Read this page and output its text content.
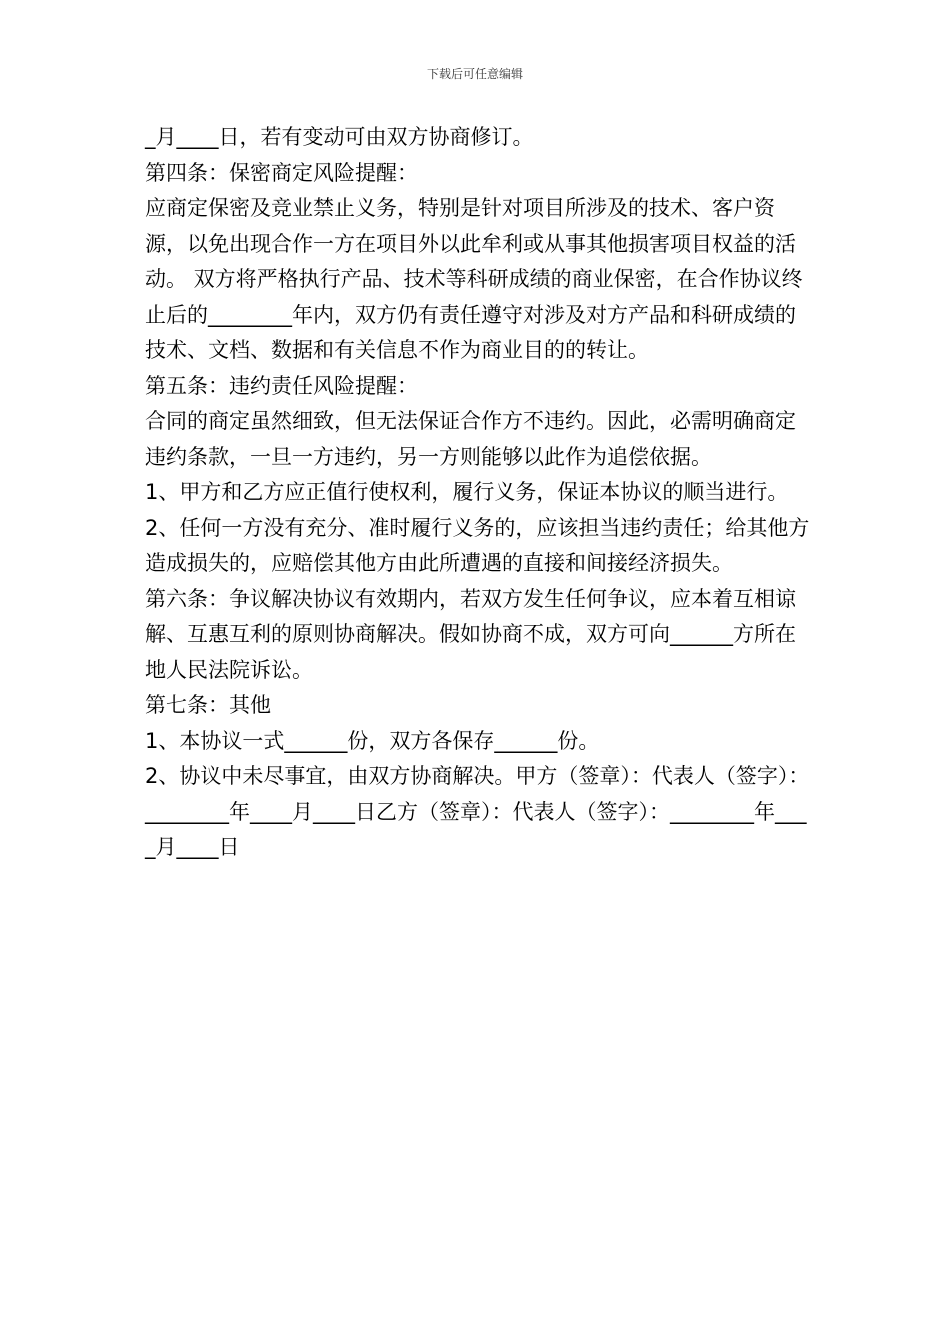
下载后可任意编辑

_月____日，若有变动可由双方协商修订。

第四条：保密商定风险提醒：

应商定保密及竞业禁止义务，特别是针对项目所涉及的技术、客户资源，以免出现合作一方在项目外以此牟利或从事其他损害项目权益的活动。 双方将严格执行产品、技术等科研成绩的商业保密，在合作协议终止后的________年内，双方仍有责任遵守对涉及对方产品和科研成绩的技术、文档、数据和有关信息不作为商业目的的转让。

第五条：违约责任风险提醒：

合同的商定虽然细致，但无法保证合作方不违约。因此，必需明确商定违约条款，一旦一方违约，另一方则能够以此作为追偿依据。

1、甲方和乙方应正值行使权利，履行义务，保证本协议的顺当进行。

2、任何一方没有充分、准时履行义务的，应该担当违约责任；给其他方造成损失的，应赔偿其他方由此所遭遇的直接和间接经济损失。

第六条：争议解决协议有效期内，若双方发生任何争议，应本着互相谅解、互惠互利的原则协商解决。假如协商不成，双方可向______方所在地人民法院诉讼。

第七条：其他

1、本协议一式______份，双方各保存______份。

2、协议中未尽事宜，由双方协商解决。甲方（签章）：代表人（签字）：________年____月____日乙方（签章）：代表人（签字）：________年____月____日
